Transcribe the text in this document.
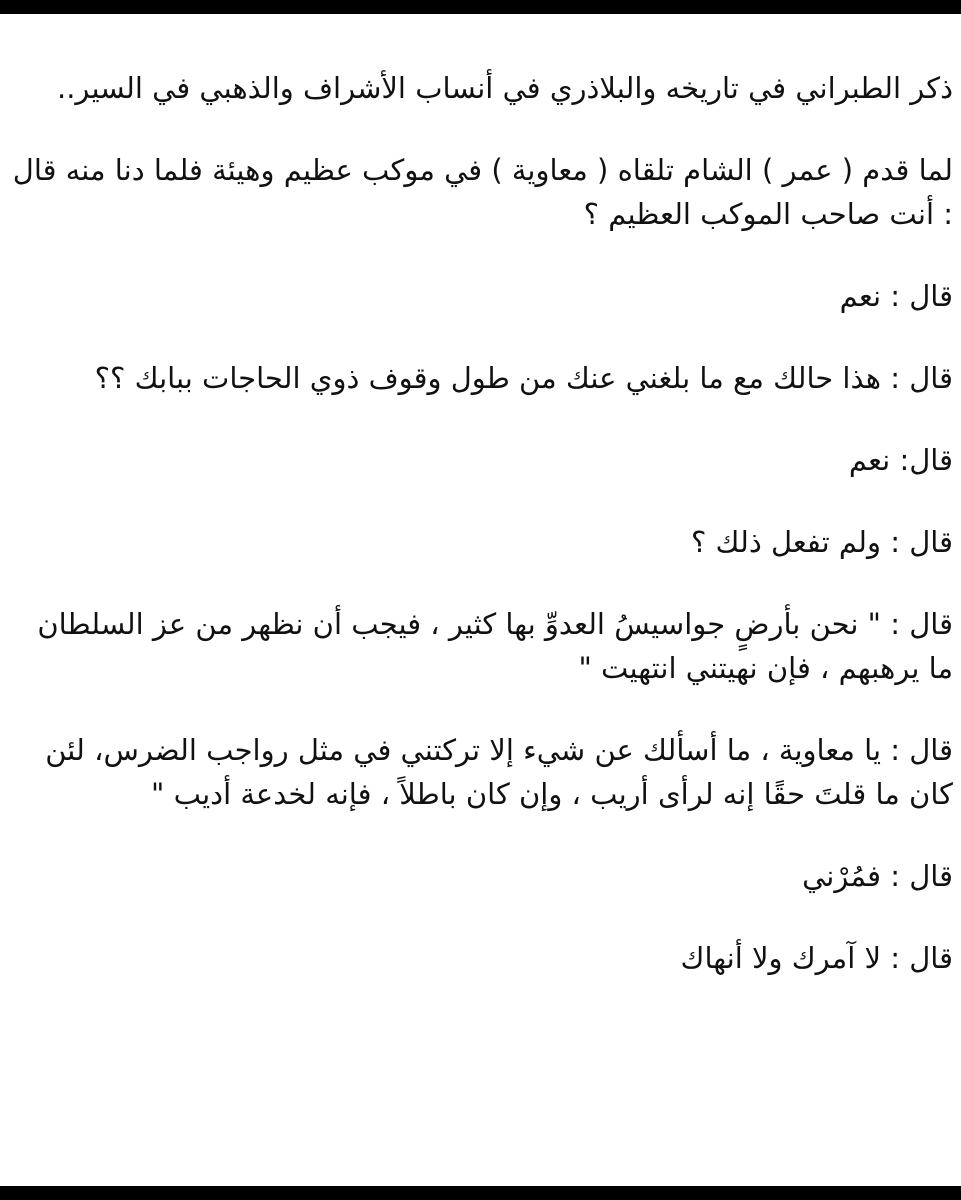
ذكر الطبراني في تاريخه والبلاذري في أنساب الأشراف والذهبي في السير..

لما قدم ( عمر ) الشام تلقاه ( معاوية ) في موكب عظيم وهيئة فلما دنا منه قال : أنت صاحب الموكب العظيم ؟

قال : نعم

قال : هذا حالك مع ما بلغني عنك من طول وقوف ذوي الحاجات ببابك ؟؟

قال: نعم

قال : ولم تفعل ذلك ؟

قال : " نحن بأرضٍ جواسيسُ العدوِّ بها كثير ، فيجب أن نظهر من عز السلطان ما يرهبهم ، فإن نهيتني انتهيت "

قال : يا معاوية ، ما أسألك عن شيء إلا تركتني في مثل رواجب الضرس، لئن كان ما قلتَ حقًا إنه لرأى أريب ، وإن كان باطلاً ، فإنه لخدعة أديب "

قال : فمُرْني

قال : لا آمرك ولا أنهاك
